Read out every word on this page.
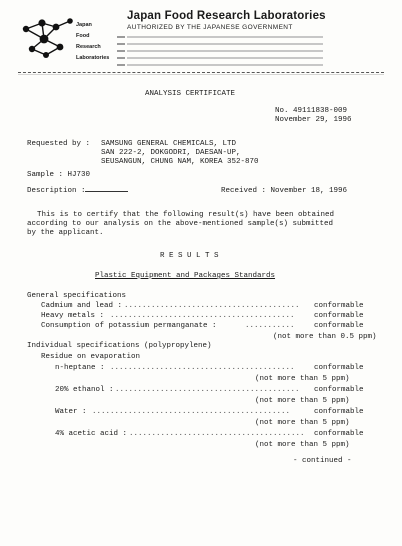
Japan
Food
Research
Laboratories
Japan Food Research Laboratories
AUTHORIZED BY THE JAPANESE GOVERNMENT
ANALYSIS CERTIFICATE
No. 49111838-009
November 29, 1996
Requested by : SAMSUNG GENERAL CHEMICALS, LTD
SAN 222-2, DOKGODRI, DAESAN-UP,
SEUSANGUN, CHUNG NAM, KOREA 352-870
Sample : HJ730
Description :	Received : November 18, 1996
This is to certify that the following result(s) have been obtained
according to our analysis on the above-mentioned sample(s) submitted
by the applicant.
R E S U L T S
Plastic Equipment and Packages Standards
General specifications
Cadmium and lead : ....................................... conformable
Heavy metals : .........................................	conformable
Consumption of potassium permanganate :	...........	conformable
(not more than 0.5 ppm)
Individual specifications (polypropylene)
Residue on evaporation
n-heptane : .........................................	conformable
(not more than 5 ppm)
20% ethanol : ......................................... conformable
(not more than 5 ppm)
Water : ............................................	conformable
(not more than 5 ppm)
4% acetic acid : ....................................... conformable
(not more than 5 ppm)
- continued -
